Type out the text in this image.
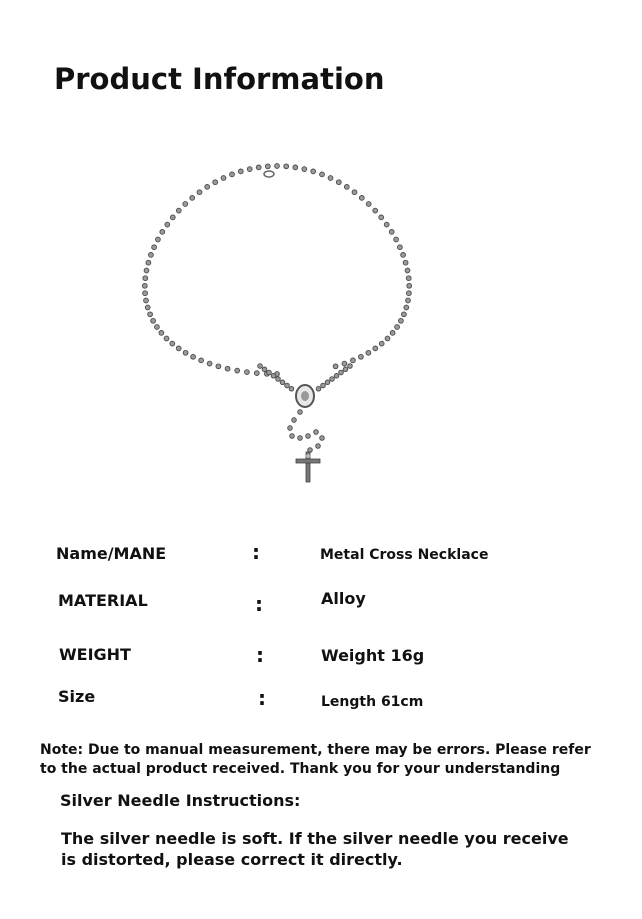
Product Information
Name/MANE	:	Metal Cross Necklace
MATERIAL	:	Alloy
WEIGHT	:	Weight 16g
Size	:	Length 61cm
Note: Due to manual measurement, there may be errors. Please refer to the actual product received. Thank you for your understanding
Silver Needle Instructions:
The silver needle is soft. If the silver needle you receive is distorted, please correct it directly.
